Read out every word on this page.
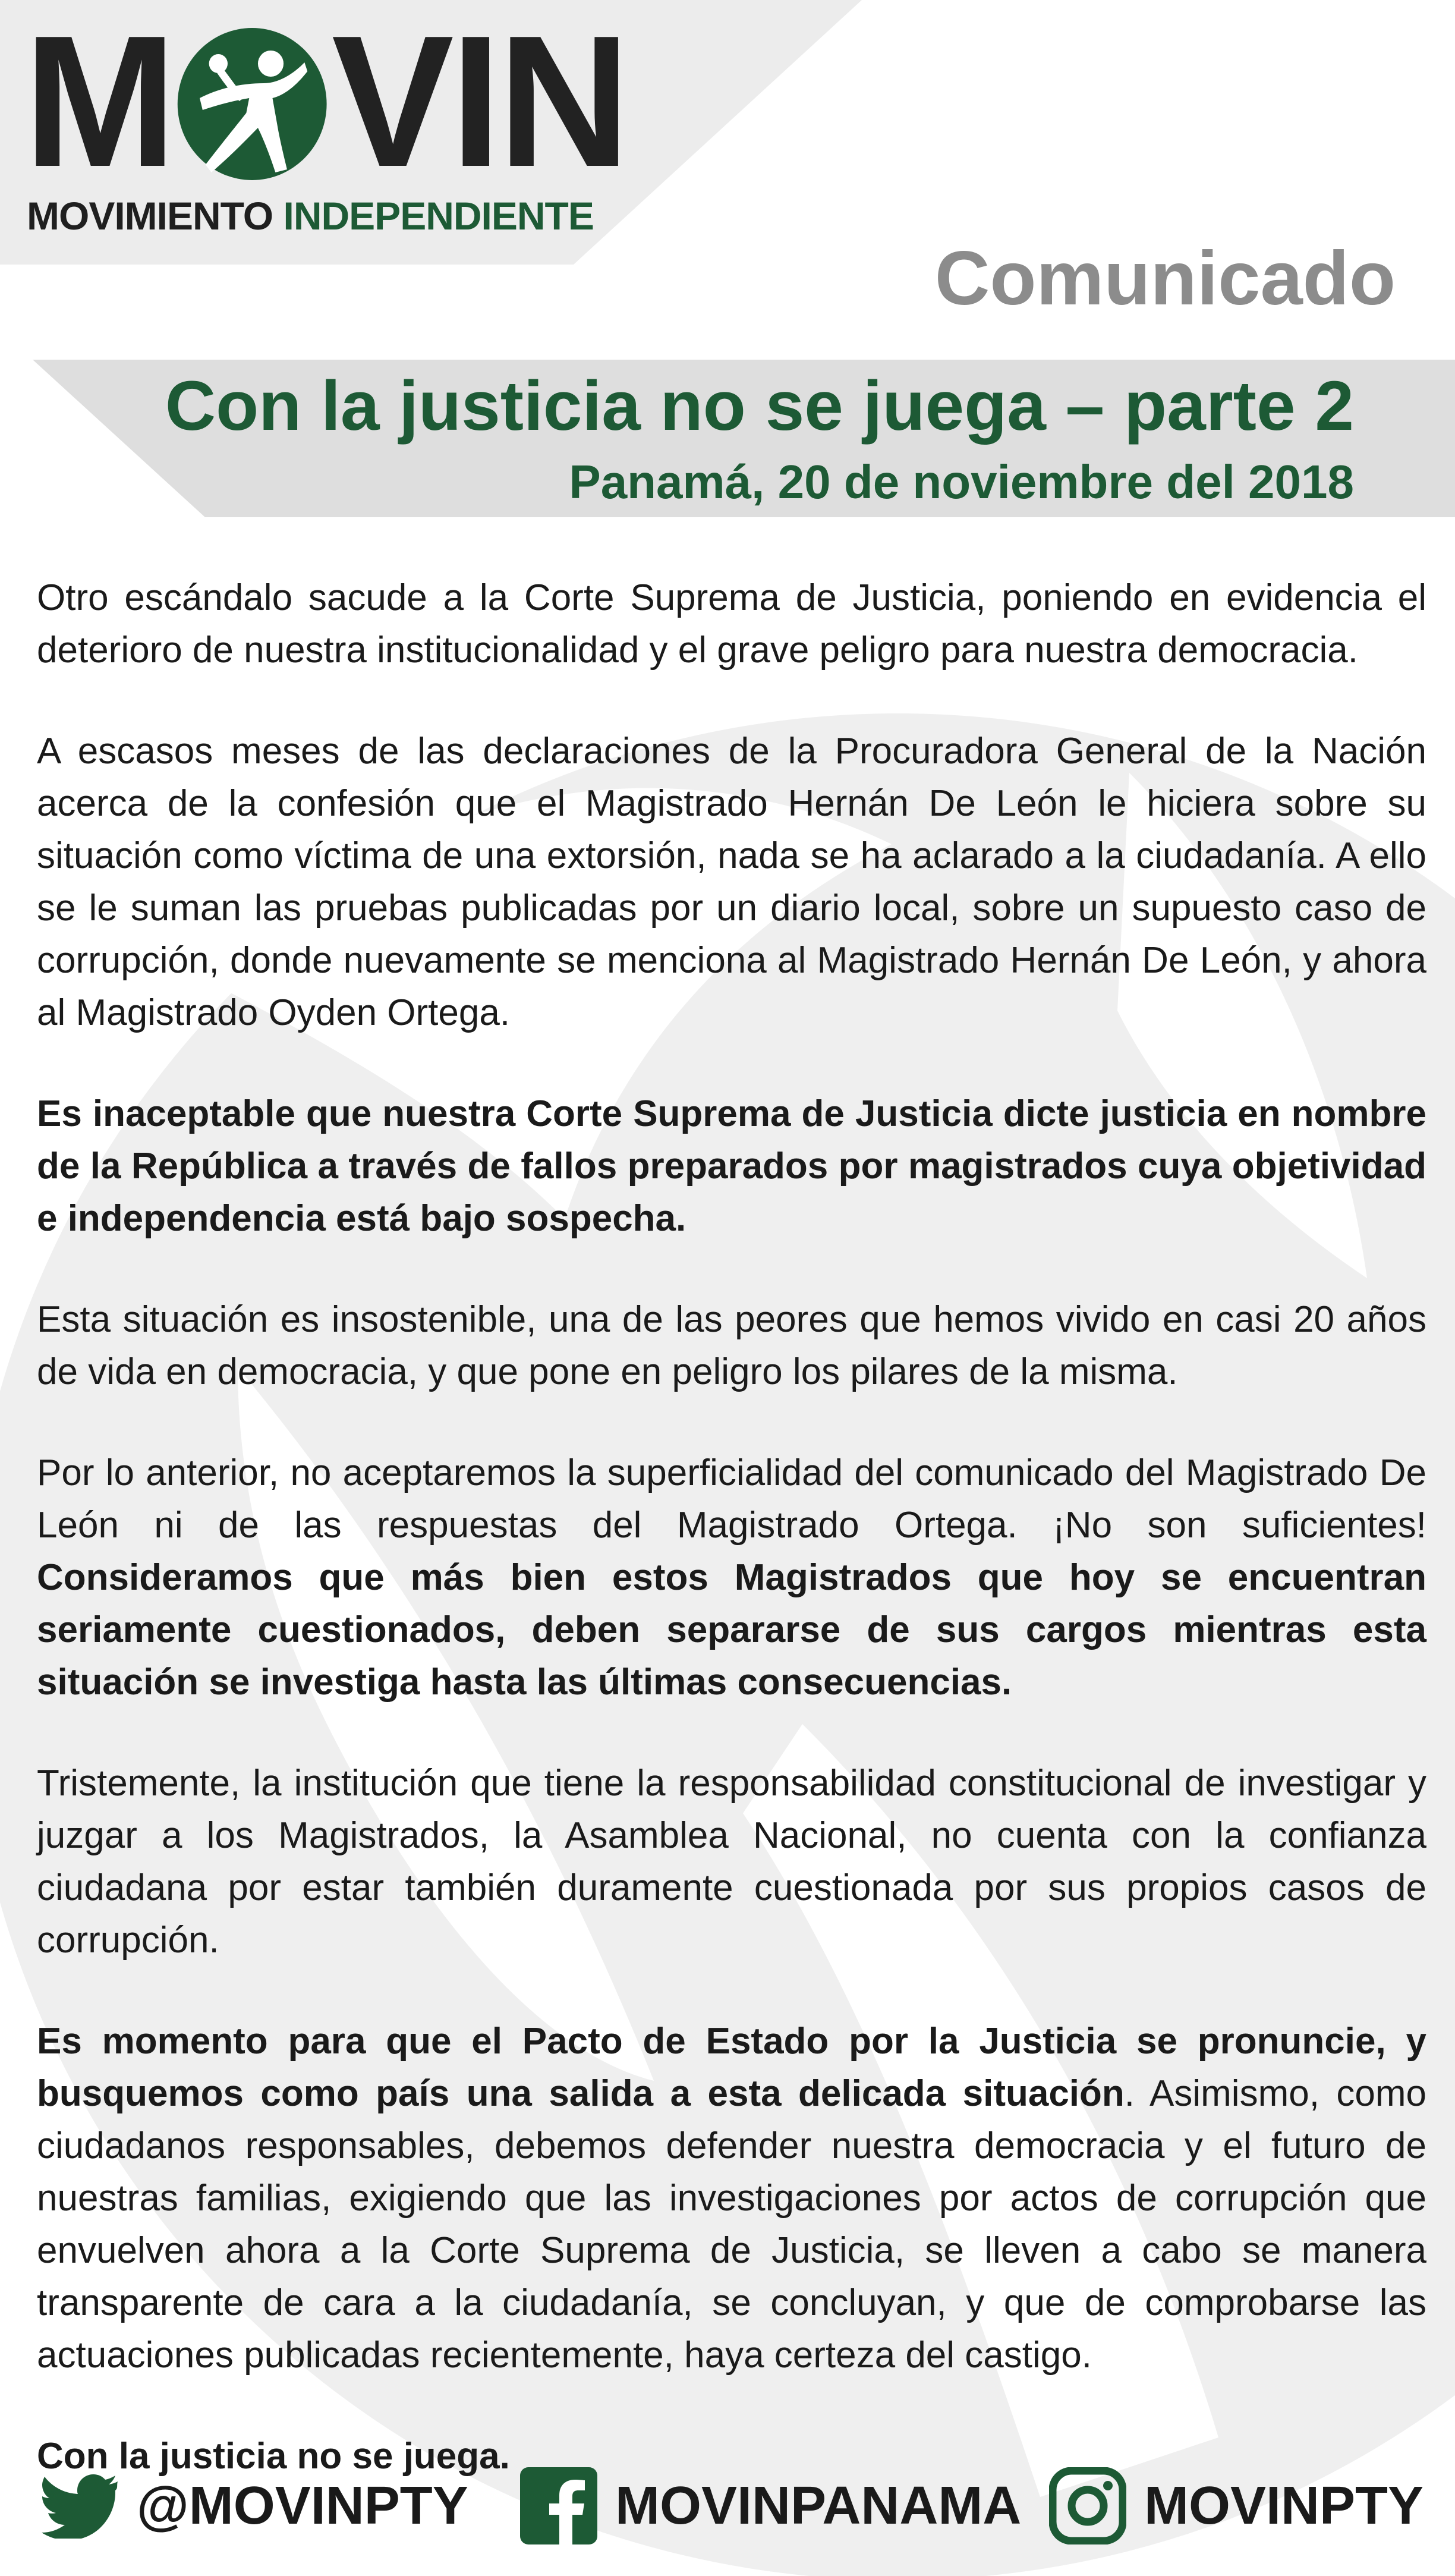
M VIN
MOVIMIENTO INDEPENDIENTE
Comunicado
Con la justicia no se juega – parte 2
Panamá, 20 de noviembre del 2018

Otro escándalo sacude a la Corte Suprema de Justicia, poniendo en evidencia el deterioro de nuestra institucionalidad y el grave peligro para nuestra democracia.

A escasos meses de las declaraciones de la Procuradora General de la Nación acerca de la confesión que el Magistrado Hernán De León le hiciera sobre su situación como víctima de una extorsión, nada se ha aclarado a la ciudadanía. A ello se le suman las pruebas publicadas por un diario local, sobre un supuesto caso de corrupción, donde nuevamente se menciona al Magistrado Hernán De León, y ahora al Magistrado Oyden Ortega.

Es inaceptable que nuestra Corte Suprema de Justicia dicte justicia en nombre de la República a través de fallos preparados por magistrados cuya objetividad e independencia está bajo sospecha.

Esta situación es insostenible, una de las peores que hemos vivido en casi 20 años de vida en democracia, y que pone en peligro los pilares de la misma.

Por lo anterior, no aceptaremos la superficialidad del comunicado del Magistrado De León ni de las respuestas del Magistrado Ortega. ¡No son suficientes! Consideramos que más bien estos Magistrados que hoy se encuentran seriamente cuestionados, deben separarse de sus cargos mientras esta situación se investiga hasta las últimas consecuencias.

Tristemente, la institución que tiene la responsabilidad constitucional de investigar y juzgar a los Magistrados, la Asamblea Nacional, no cuenta con la confianza ciudadana por estar también duramente cuestionada por sus propios casos de corrupción.

Es momento para que el Pacto de Estado por la Justicia se pronuncie, y busquemos como país una salida a esta delicada situación. Asimismo, como ciudadanos responsables, debemos defender nuestra democracia y el futuro de nuestras familias, exigiendo que las investigaciones por actos de corrupción que envuelven ahora a la Corte Suprema de Justicia, se lleven a cabo se manera transparente de cara a la ciudadanía, se concluyan, y que de comprobarse las actuaciones publicadas recientemente, haya certeza del castigo.

Con la justicia no se juega.

@MOVINPTY	MOVINPANAMA MOVINPTY
